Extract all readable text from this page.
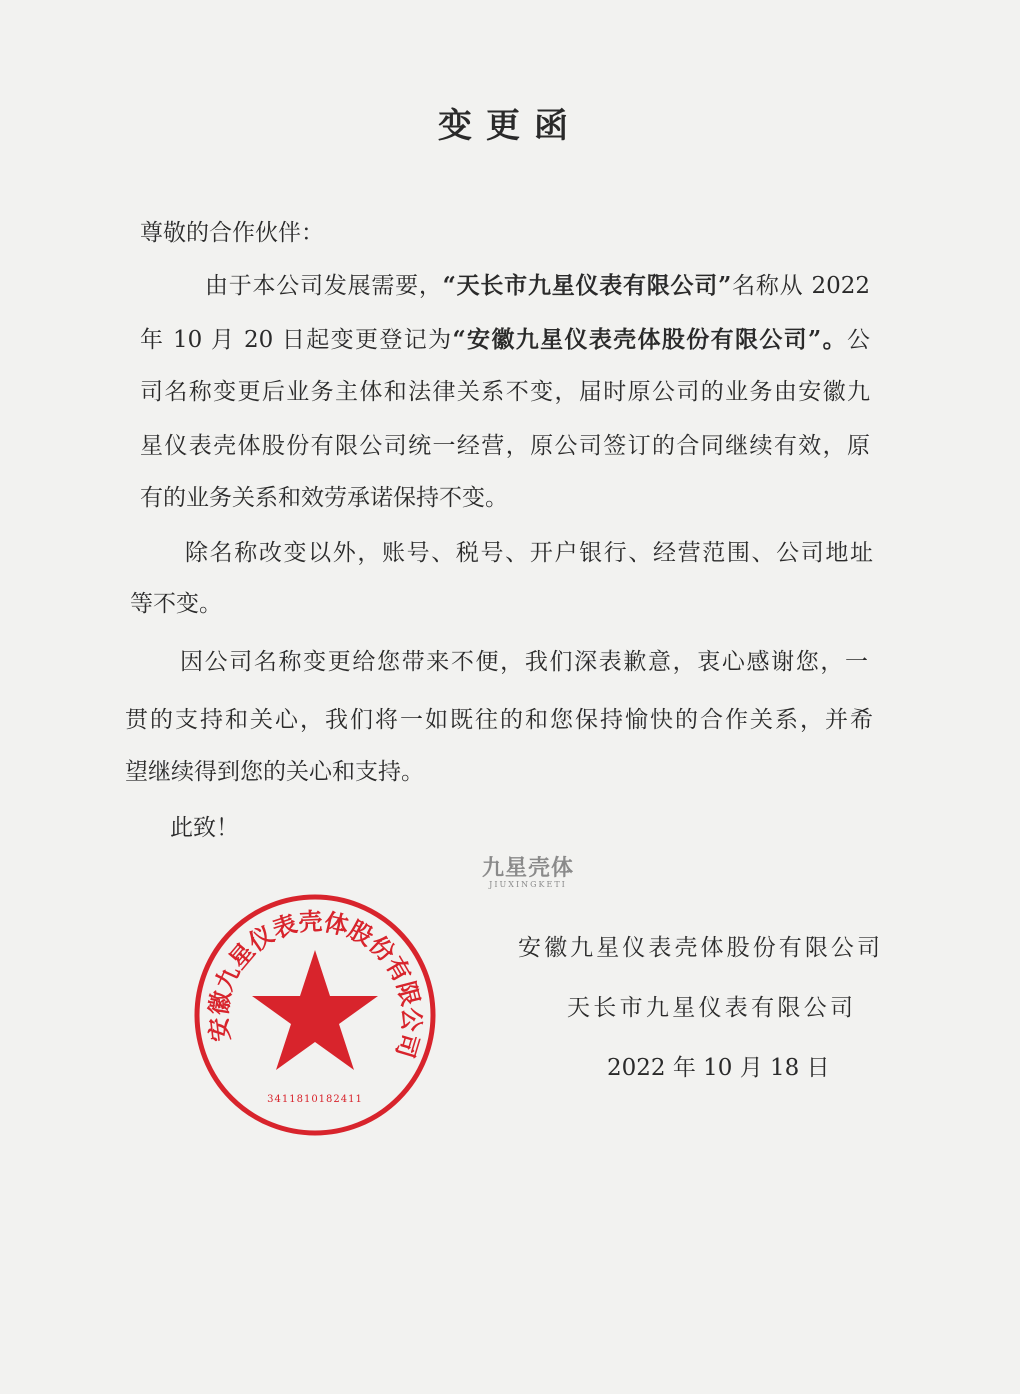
变更函
尊敬的合作伙伴：
由于本公司发展需要，“天长市九星仪表有限公司”名称从 2022
年 10 月 20 日起变更登记为“安徽九星仪表壳体股份有限公司”。公
司名称变更后业务主体和法律关系不变，届时原公司的业务由安徽九
星仪表壳体股份有限公司统一经营，原公司签订的合同继续有效，原
有的业务关系和效劳承诺保持不变。
除名称改变以外，账号、税号、开户银行、经营范围、公司地址
等不变。
因公司名称变更给您带来不便，我们深表歉意，衷心感谢您，一
贯的支持和关心，我们将一如既往的和您保持愉快的合作关系，并希
望继续得到您的关心和支持。
此致！
九星壳体
JIUXINGKETI
安徽九星仪表壳体股份有限公司
3411810182411
安徽九星仪表壳体股份有限公司
天长市九星仪表有限公司
2022 年 10 月 18 日
